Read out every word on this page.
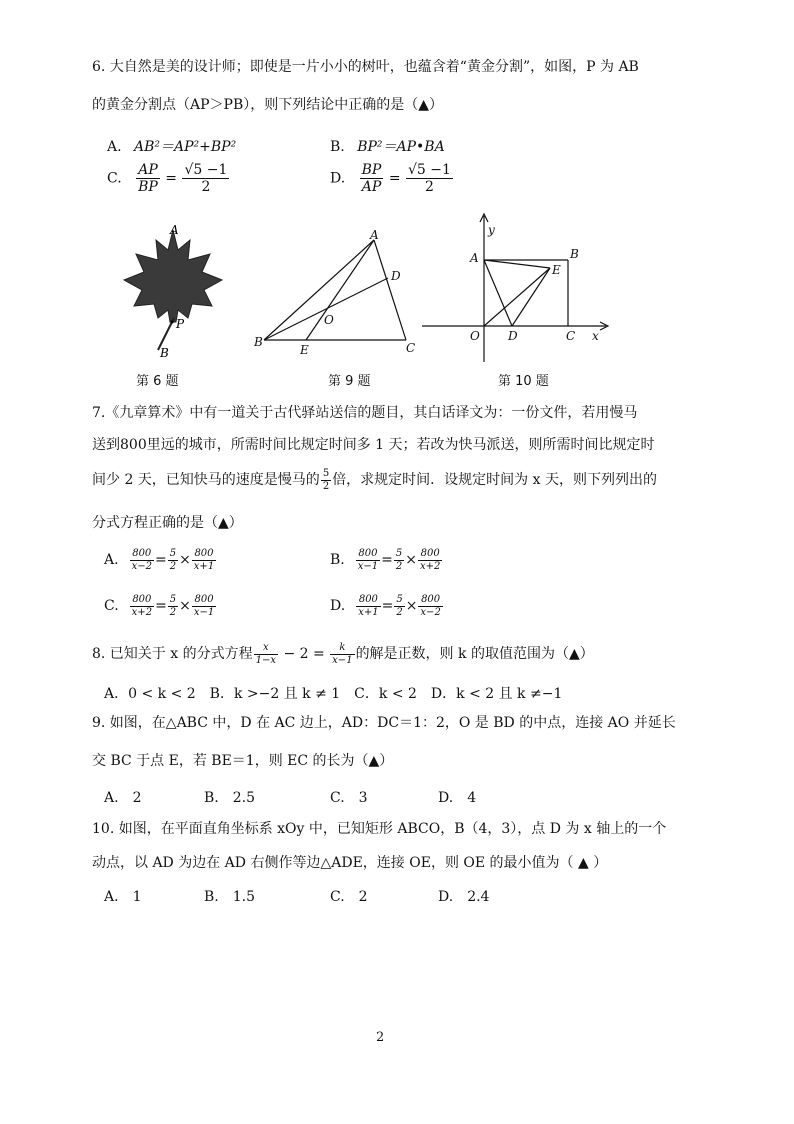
6. 大自然是美的设计师；即使是一片小小的树叶，也蕴含着“黄金分割”，如图，P 为 AB
的黄金分割点（AP＞PB），则下列结论中正确的是（▲）
A. AB²＝AP²+BP²	B. BP²＝AP•BA
C. $\frac{AP}{BP} = \frac{√5 -1}{2}$	D. $\frac{BP}{AP} = \frac{√5 -1}{2}$
A
P
B
第 6 题
A
D
O
B
E	C
第 9 题
y
A	B
E
O D	C x
第 10 题
7.《九章算术》中有一道关于古代驿站送信的题目，其白话译文为：一份文件，若用慢马
送到800里远的城市，所需时间比规定时间多 1 天；若改为快马派送，则所需时间比规定时
间少 2 天，已知快马的速度是慢马的 $\frac{5}{2}$ 倍，求规定时间．设规定时间为 x 天，则下列列出的
分式方程正确的是（▲）
A. $\frac{800}{x-2} = \frac{5}{2} \times \frac{800}{x+1}$	B. $\frac{800}{x-1} = \frac{5}{2} \times \frac{800}{x+2}$
C. $\frac{800}{x+2} = \frac{5}{2} \times \frac{800}{x-1}$	D. $\frac{800}{x+1} = \frac{5}{2} \times \frac{800}{x-2}$
8. 已知关于 x 的分式方程 $\frac{x}{1-x} - 2 = \frac{k}{x-1}$ 的解是正数，则 k 的取值范围为（▲）
A．0 < k < 2　B．k >−2 且 k ≠ 1　C．k < 2　D．k < 2 且 k ≠−1
9. 如图，在△ABC 中，D 在 AC 边上，AD：DC＝1：2，O 是 BD 的中点，连接 AO 并延长
交 BC 于点 E，若 BE＝1，则 EC 的长为（▲）
A. 2	B. 2.5	C. 3	D. 4
10. 如图，在平面直角坐标系 xOy 中，已知矩形 ABCO，B（4，3），点 D 为 x 轴上的一个
动点，以 AD 为边在 AD 右侧作等边△ADE，连接 OE，则 OE 的最小值为（ ▲ ）
A. 1	B. 1.5	C. 2	D. 2.4
2
